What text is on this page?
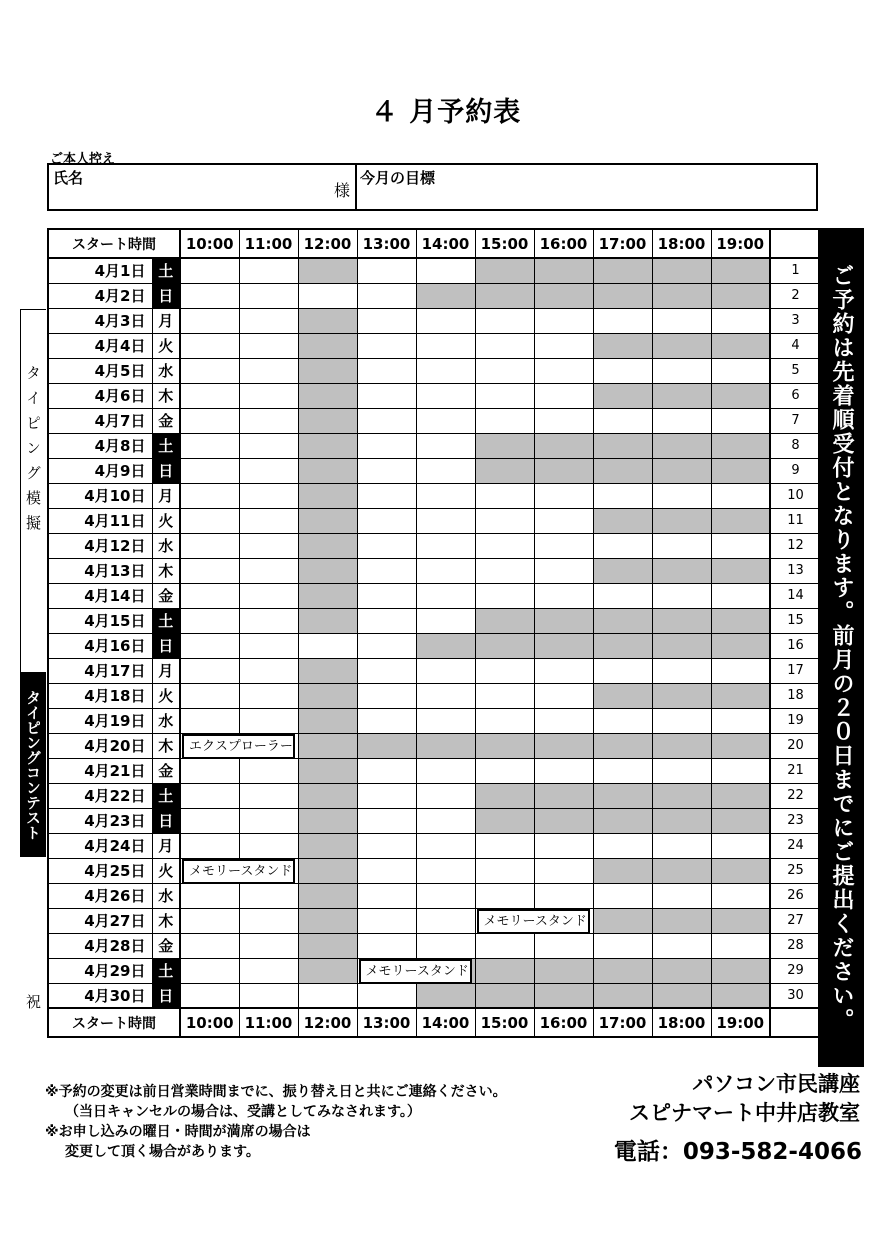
４ 月予約表
ご本人控え
氏名
様
今月の目標
スタート時間		10:00	11:00	12:00	13:00	14:00	15:00	16:00	17:00	18:00	19:00	
4月1日	土											1
4月2日	日											2
4月3日	月											3
4月4日	火											4
4月5日	水											5
4月6日	木											6
4月7日	金											7
4月8日	土											8
4月9日	日											9
4月10日	月											10
4月11日	火											11
4月12日	水											12
4月13日	木											13
4月14日	金											14
4月15日	土											15
4月16日	日											16
4月17日	月											17
4月18日	火											18
4月19日	水											19
4月20日	木	エクスプローラー										20
4月21日	金											21
4月22日	土											22
4月23日	日											23
4月24日	月											24
4月25日	火	メモリースタンド										25
4月26日	水											26
4月27日	木						メモリースタンド					27
4月28日	金											28
4月29日	土				メモリースタンド							29
4月30日	日											30
スタート時間		10:00	11:00	12:00	13:00	14:00	15:00	16:00	17:00	18:00	19:00		ご予約は先着順受付となります。前月の２０日までにご提出ください。
タイピング模擬
タイピングコンテスト
祝
※予約の変更は前日営業時間までに、振り替え日と共にご連絡ください。
（当日キャンセルの場合は、受講としてみなされます。）
※お申し込みの曜日・時間が満席の場合は
変更して頂く場合があります。
パソコン市民講座
スピナマート中井店教室
電話：093-582-4066
